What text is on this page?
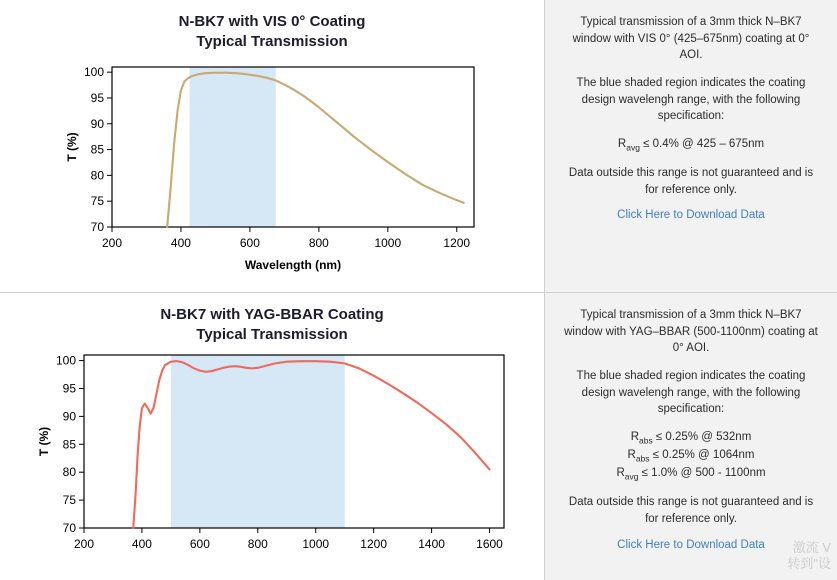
N-BK7 with VIS 0° Coating
Typical Transmission
70
75
80
85
90
95
100
200	400	600	800	1000	1200
T (%)
Wavelength (nm)

Typical transmission of a 3mm thick N–BK7 window with VIS 0° (425–675nm) coating at 0° AOI.

The blue shaded region indicates the coating design wavelengh range, with the following specification:

$R_{avg} \le 0.4\%$ @ 425 – 675nm

Data outside this range is not guaranteed and is for reference only.

Click Here to Download Data
N-BK7 with YAG-BBAR Coating
Typical Transmission
70
75
80
85
90
95
100
200	400	600	800	1000	1200	1400	1600
T (%)

Typical transmission of a 3mm thick N–BK7 window with YAG–BBAR (500-1100nm) coating at 0° AOI.

The blue shaded region indicates the coating design wavelengh range, with the following specification:

$R_{abs} \le 0.25\%$ @ 532nm

$R_{abs} \le 0.25\%$ @ 1064nm

$R_{avg} \le 1.0\%$ @ 500 - 1100nm

Data outside this range is not guaranteed and is for reference only.

Click Here to Download Data	激流 V
转到"设
